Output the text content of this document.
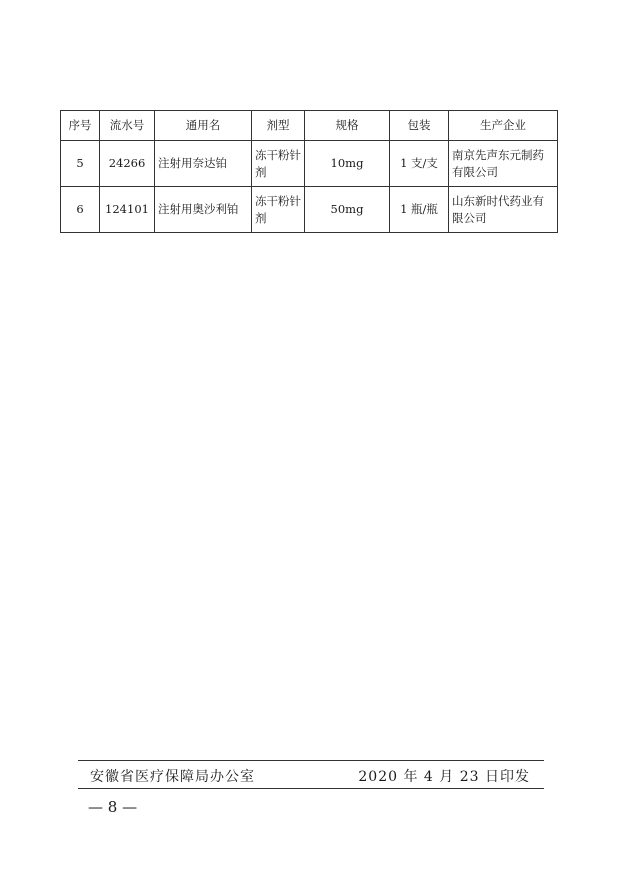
序号	流水号	通用名	剂型	规格	包装	生产企业
5	24266	注射用奈达铂	冻干粉针剂	10mg	1 支/支	南京先声东元制药有限公司
6	124101	注射用奥沙利铂	冻干粉针剂	50mg	1 瓶/瓶	山东新时代药业有限公司
安徽省医疗保障局办公室	2020 年 4 月 23 日印发
— 8 —
